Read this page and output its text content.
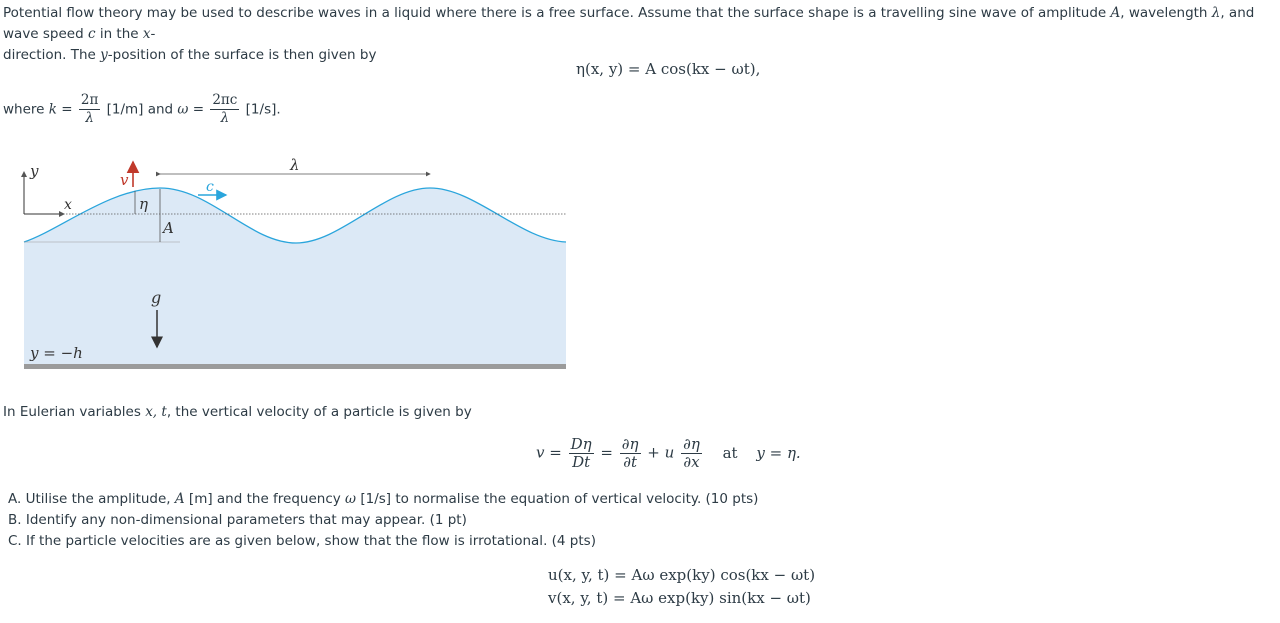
Potential flow theory may be used to describe waves in a liquid where there is a free surface. Assume that the surface shape is a travelling sine wave of amplitude A, wavelength λ, and wave speed c in the x-
direction. The y-position of the surface is then given by
η(x, y) = A cos(kx − ωt),
where $k = \frac{2\pi}{\lambda} [1/m]$ and $\omega = \frac{2\pi c}{\lambda} [1/s]$.
y
x
v
η
A
c
λ
g
y = −h
In Eulerian variables x, t, the vertical velocity of a particle is given by
$v = \frac{D\eta}{Dt} = \frac{\partial\eta}{\partial t} + u \frac{\partial\eta}{\partial x}$ at y = η.
A. Utilise the amplitude, A [m] and the frequency ω [1/s] to normalise the equation of vertical velocity. (10 pts)
B. Identify any non-dimensional parameters that may appear. (1 pt)
C. If the particle velocities are as given below, show that the flow is irrotational. (4 pts)
u(x, y, t) = Aω exp(ky) cos(kx − ωt)
v(x, y, t) = Aω exp(ky) sin(kx − ωt)
